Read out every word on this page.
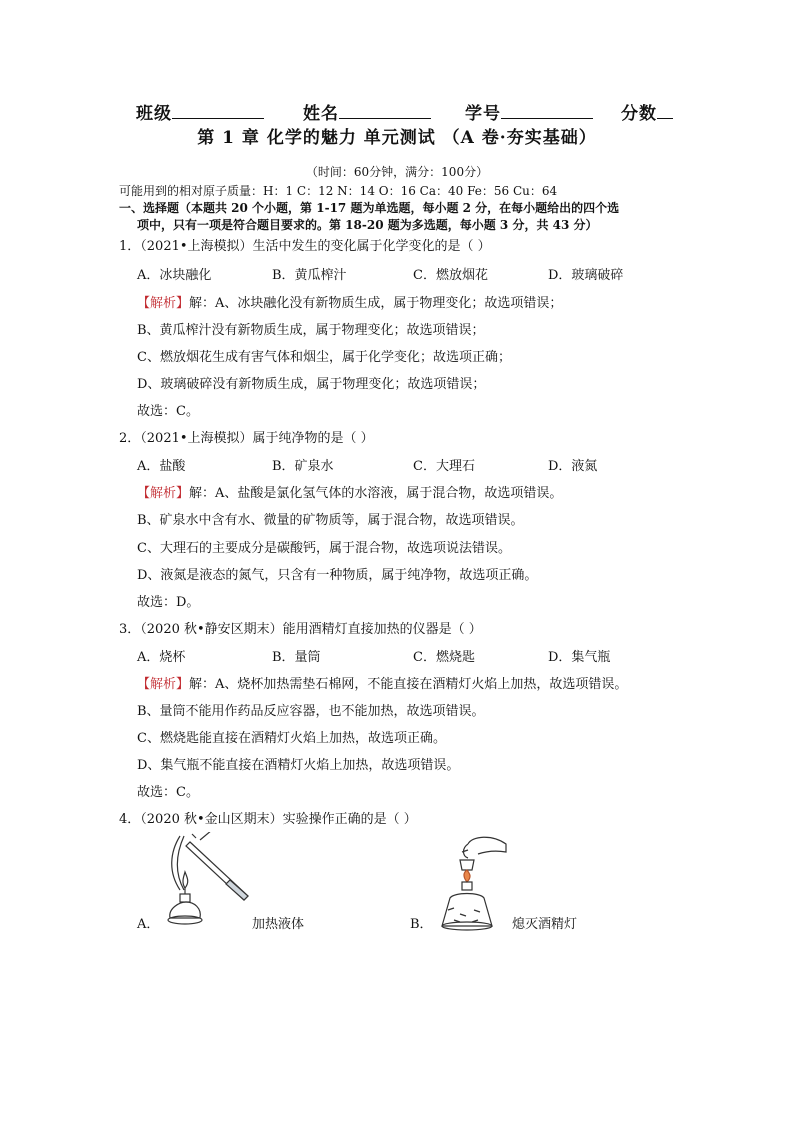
班级	姓名	学号	分数
第 1 章 化学的魅力 单元测试 （A 卷·夯实基础）
（时间：60分钟，满分：100分）
可能用到的相对原子质量：H：1 C：12 N：14 O：16 Ca：40 Fe：56 Cu：64
一、选择题（本题共 20 个小题，第 1-17 题为单选题，每小题 2 分，在每小题给出的四个选
项中，只有一项是符合题目要求的。第 18-20 题为多选题，每小题 3 分，共 43 分）
1．（2021•上海模拟）生活中发生的变化属于化学变化的是（ ）
A．冰块融化	B．黄瓜榨汁	C．燃放烟花	D．玻璃破碎
【解析】解：A、冰块融化没有新物质生成，属于物理变化；故选项错误；
B、黄瓜榨汁没有新物质生成，属于物理变化；故选项错误；
C、燃放烟花生成有害气体和烟尘，属于化学变化；故选项正确；
D、玻璃破碎没有新物质生成，属于物理变化；故选项错误；
故选：C。
2．（2021•上海模拟）属于纯净物的是（ ）
A．盐酸	B．矿泉水	C．大理石	D．液氮
【解析】解：A、盐酸是氯化氢气体的水溶液，属于混合物，故选项错误。
B、矿泉水中含有水、微量的矿物质等，属于混合物，故选项错误。
C、大理石的主要成分是碳酸钙，属于混合物，故选项说法错误。
D、液氮是液态的氮气，只含有一种物质，属于纯净物，故选项正确。
故选：D。
3．（2020 秋•静安区期末）能用酒精灯直接加热的仪器是（ ）
A．烧杯	B．量筒	C．燃烧匙	D．集气瓶
【解析】解：A、烧杯加热需垫石棉网，不能直接在酒精灯火焰上加热，故选项错误。
B、量筒不能用作药品反应容器，也不能加热，故选项错误。
C、燃烧匙能直接在酒精灯火焰上加热，故选项正确。
D、集气瓶不能直接在酒精灯火焰上加热，故选项错误。
故选：C。
4．（2020 秋•金山区期末）实验操作正确的是（ ）
A．	加热液体	B．	熄灭酒精灯
